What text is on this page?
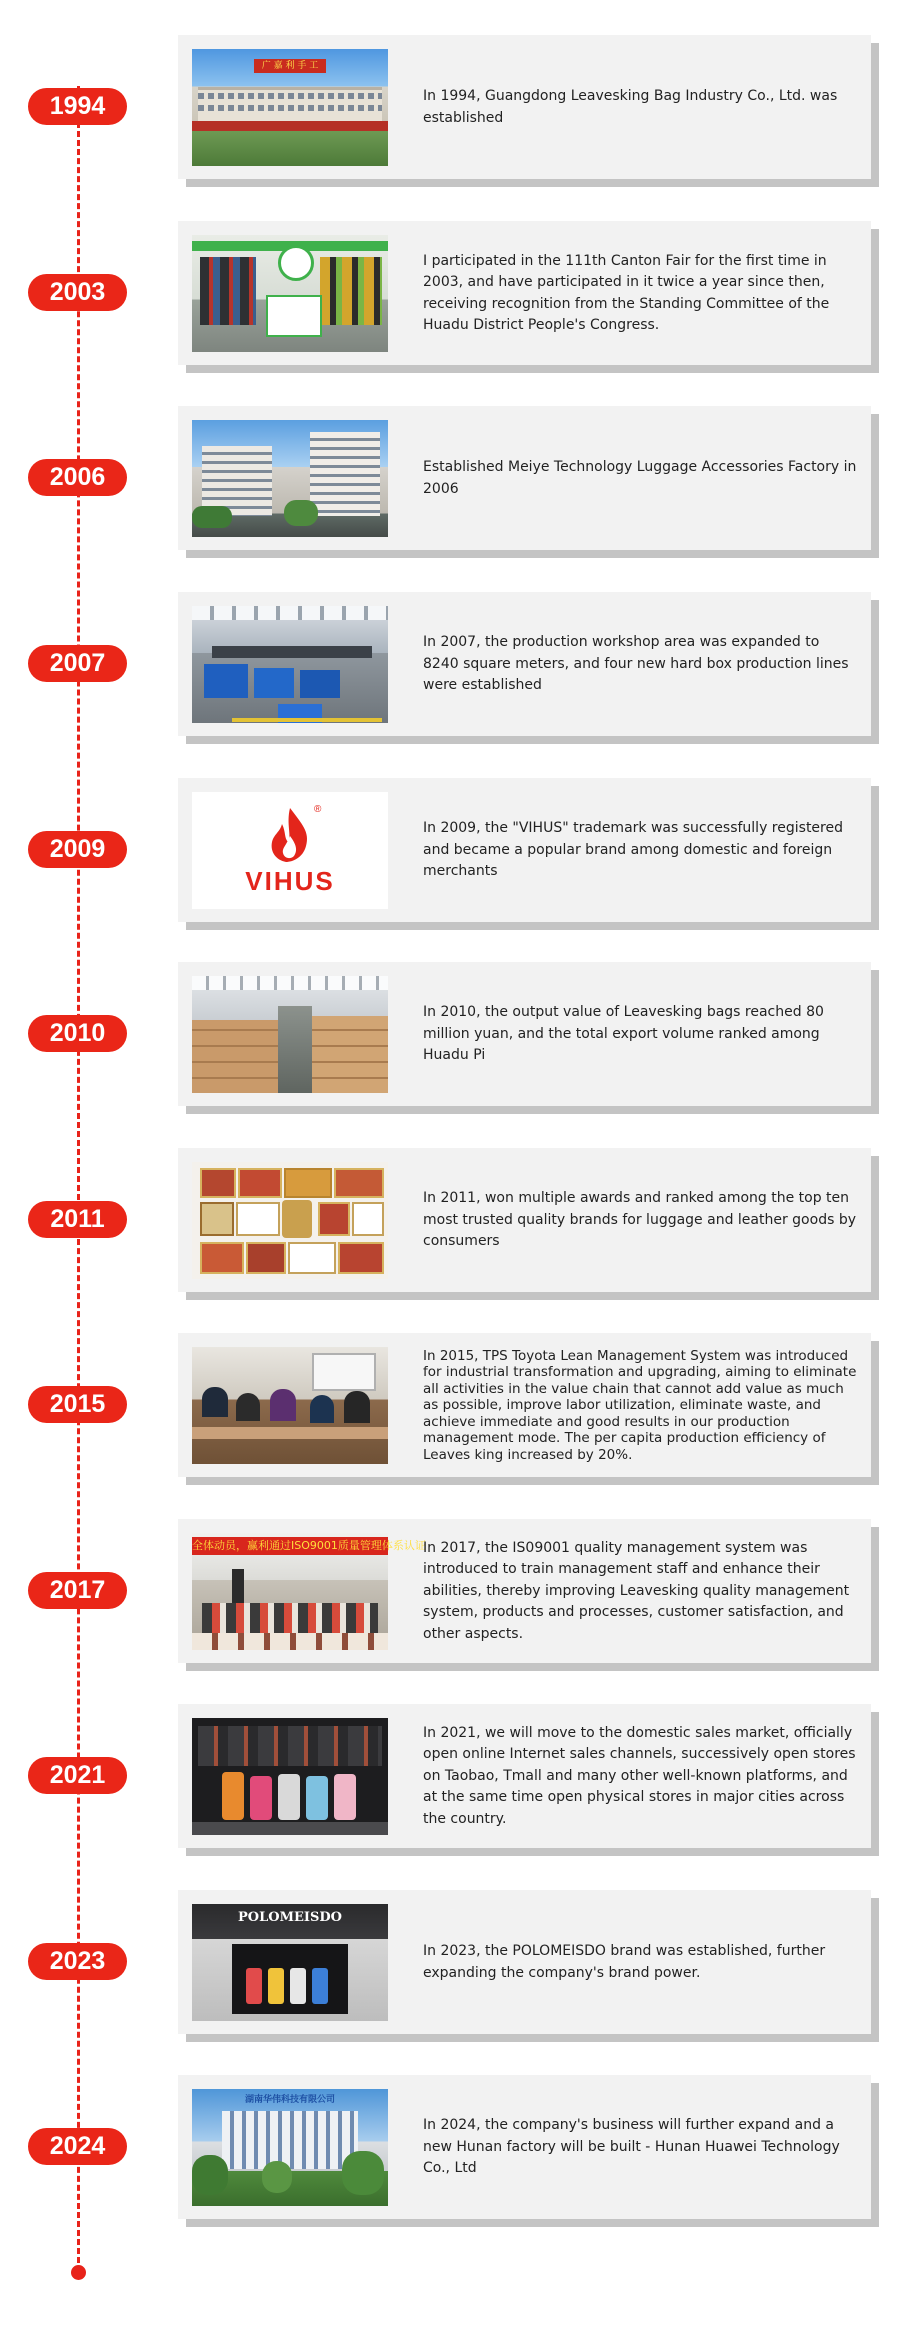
1994
广 嘉 利 手 工

In 1994, Guangdong Leavesking Bag Industry Co., Ltd. was established

2003

I participated in the 111th Canton Fair for the first time in 2003, and have participated in it twice a year since then, receiving recognition from the Standing Committee of the Huadu District People's Congress.

2006	Established Meiye Technology Luggage Accessories Factory in 2006

2007

In 2007, the production workshop area was expanded to 8240 square meters, and four new hard box production lines were established

2009
®
VIHUS

In 2009, the "VIHUS" trademark was successfully registered and became a popular brand among domestic and foreign merchants

2010

In 2010, the output value of Leavesking bags reached 80 million yuan, and the total export volume ranked among Huadu Pi

2011

In 2011, won multiple awards and ranked among the top ten most trusted quality brands for luggage and leather goods by consumers

2015

In 2015, TPS Toyota Lean Management System was introduced for industrial transformation and upgrading, aiming to eliminate all activities in the value chain that cannot add value as much as possible, improve labor utilization, eliminate waste, and achieve immediate and good results in our production management mode. The per capita production efficiency of Leaves king increased by 20%.

2017
全体动员，赢利通过ISO9001质量管理体系认证

In 2017, the IS09001 quality management system was introduced to train management staff and enhance their abilities, thereby improving Leavesking quality management system, products and processes, customer satisfaction, and other aspects.

2021

In 2021, we will move to the domestic sales market, officially open online Internet sales channels, successively open stores on Taobao, Tmall and many other well-known platforms, and at the same time open physical stores in major cities across the country.

2023
POLOMEISDO

In 2023, the POLOMEISDO brand was established, further expanding the company's brand power.

2024
湖南华伟科技有限公司

In 2024, the company's business will further expand and a new Hunan factory will be built - Hunan Huawei Technology Co., Ltd
